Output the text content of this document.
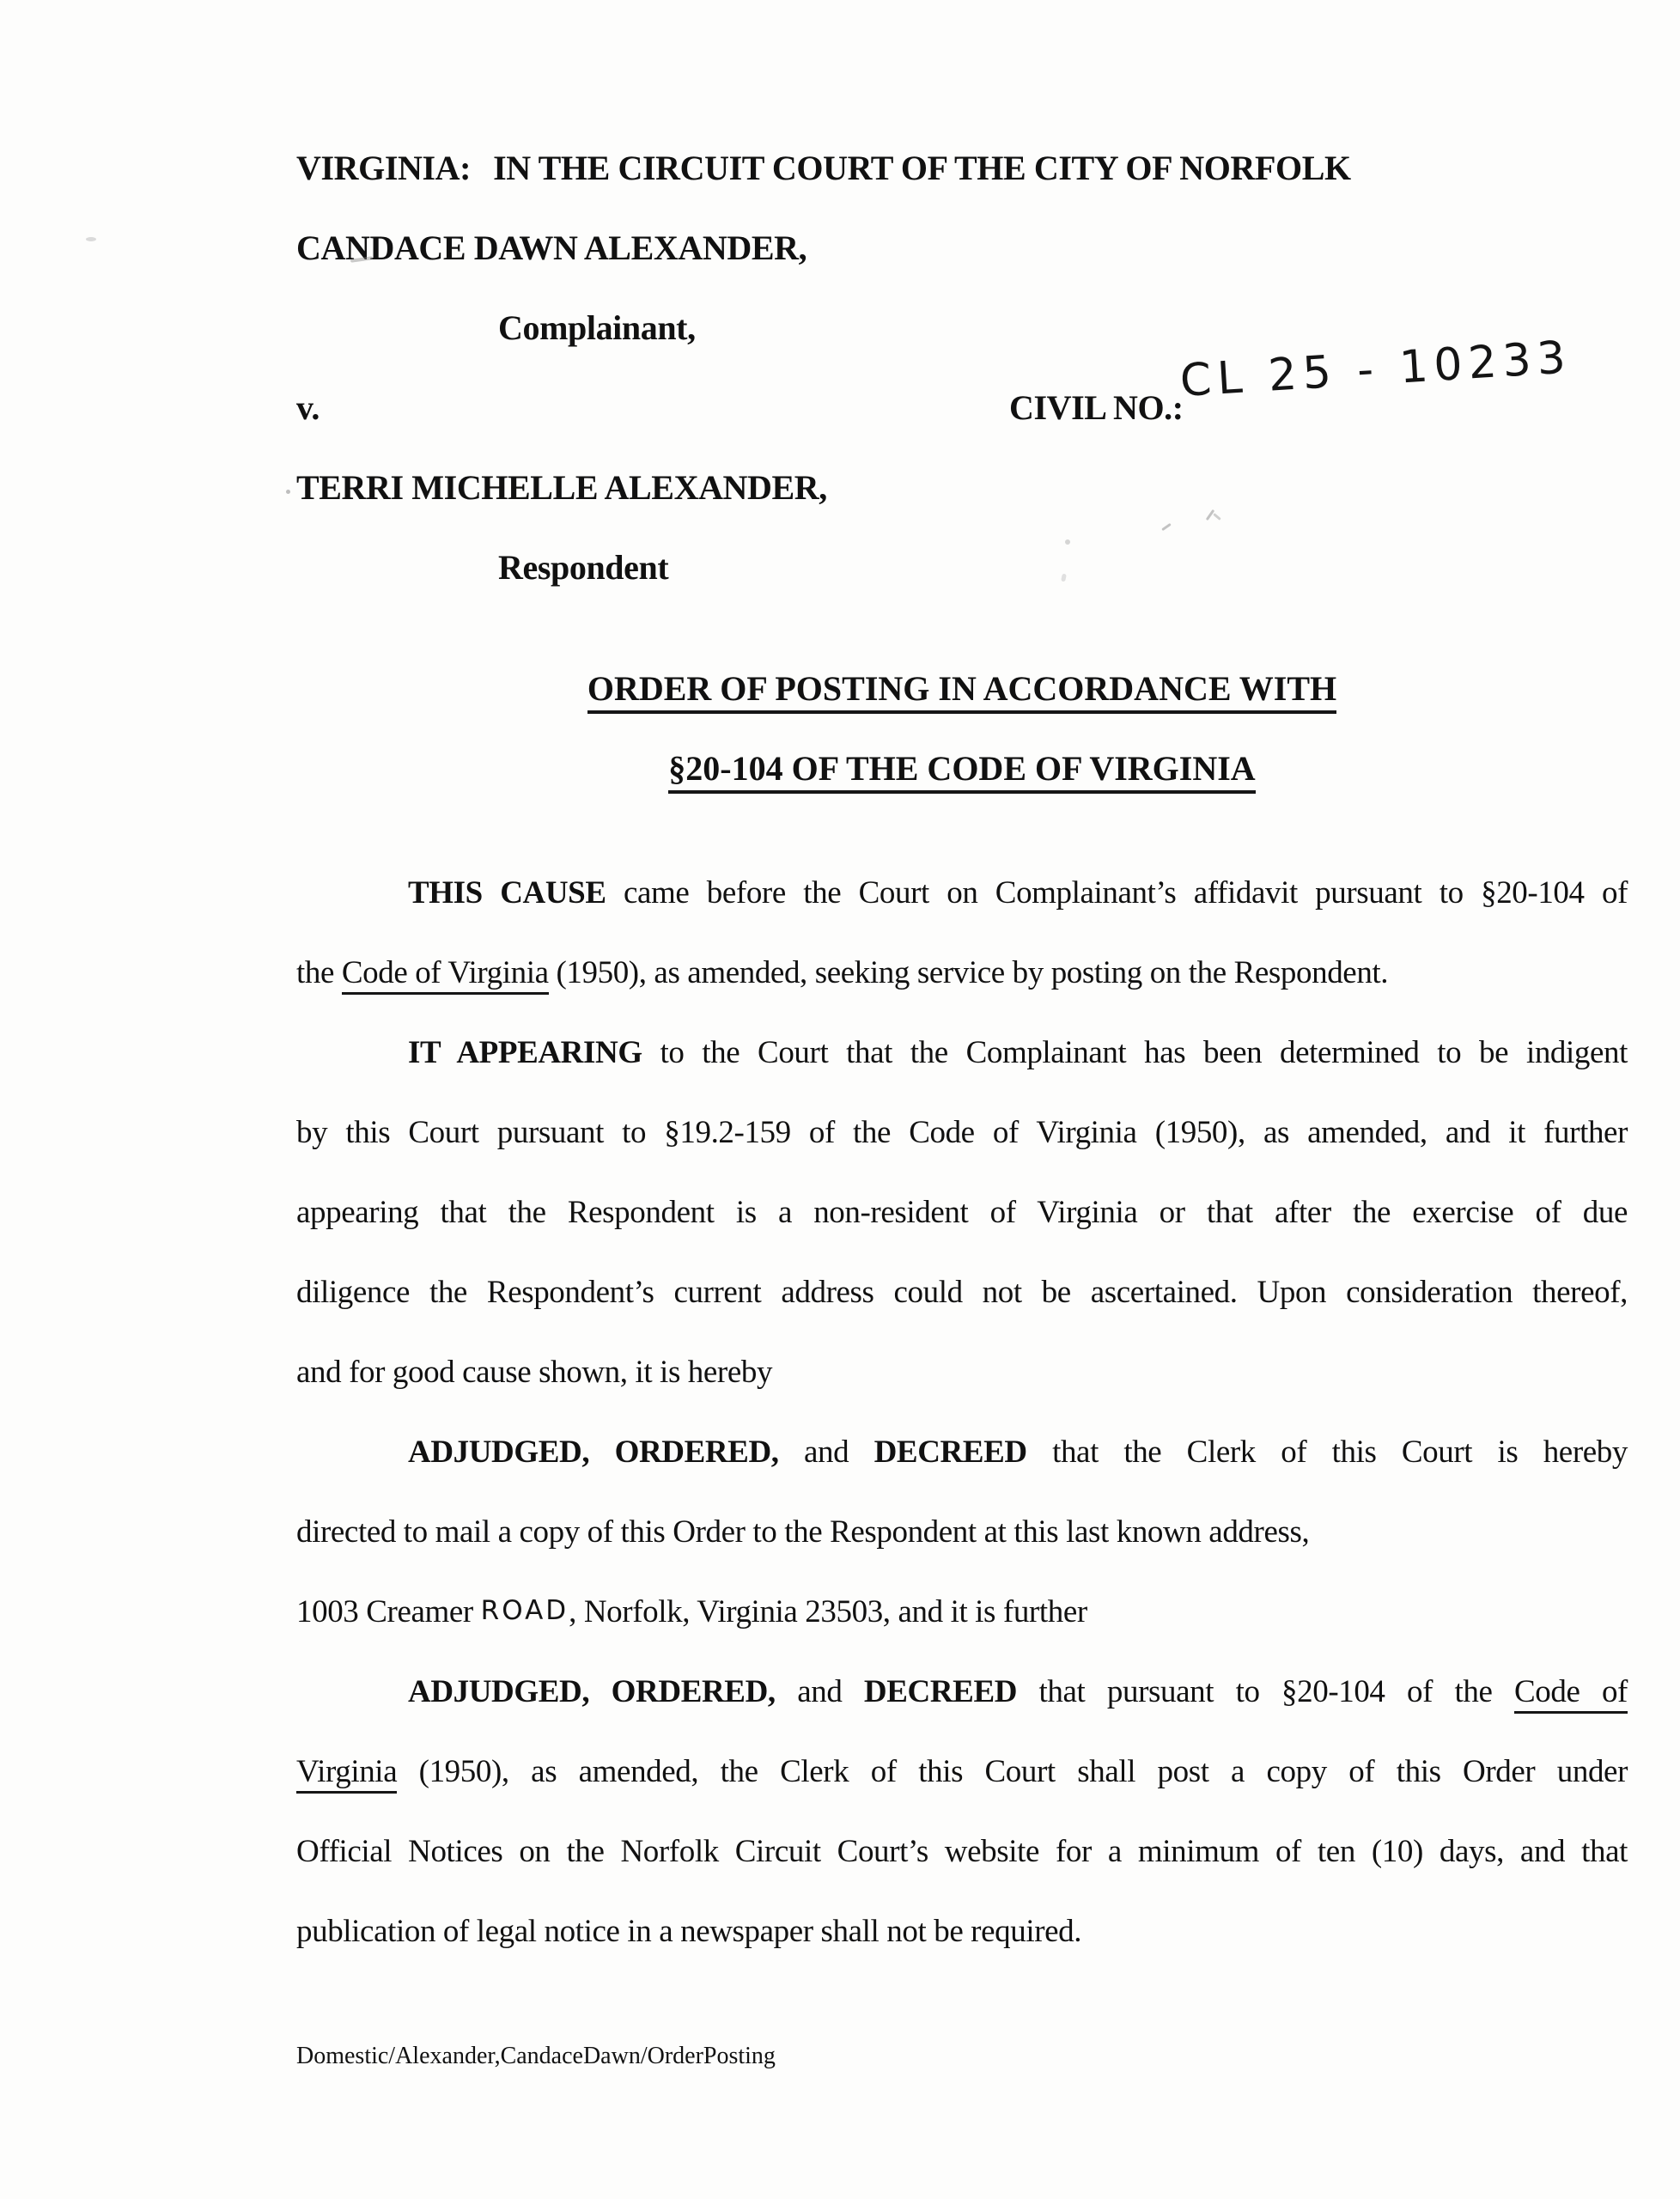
VIRGINIA: IN THE CIRCUIT COURT OF THE CITY OF NORFOLK
CANDACE DAWN ALEXANDER,
Complainant,
v.	CIVIL NO.:
CL 25 - 10233
TERRI MICHELLE ALEXANDER,
Respondent
ORDER OF POSTING IN ACCORDANCE WITH
§20-104 OF THE CODE OF VIRGINIA
THIS CAUSE came before the Court on Complainant’s affidavit pursuant to §20-104 of
the Code of Virginia (1950), as amended, seeking service by posting on the Respondent.
IT APPEARING to the Court that the Complainant has been determined to be indigent
by this Court pursuant to §19.2-159 of the Code of Virginia (1950), as amended, and it further
appearing that the Respondent is a non-resident of Virginia or that after the exercise of due
diligence the Respondent’s current address could not be ascertained. Upon consideration thereof,
and for good cause shown, it is hereby
ADJUDGED, ORDERED, and DECREED that the Clerk of this Court is hereby
directed to mail a copy of this Order to the Respondent at this last known address,
1003 Creamer ROAD, Norfolk, Virginia 23503, and it is further
ADJUDGED, ORDERED, and DECREED that pursuant to §20-104 of the Code of
Virginia (1950), as amended, the Clerk of this Court shall post a copy of this Order under
Official Notices on the Norfolk Circuit Court’s website for a minimum of ten (10) days, and that
publication of legal notice in a newspaper shall not be required.
Domestic/Alexander,CandaceDawn/OrderPosting
